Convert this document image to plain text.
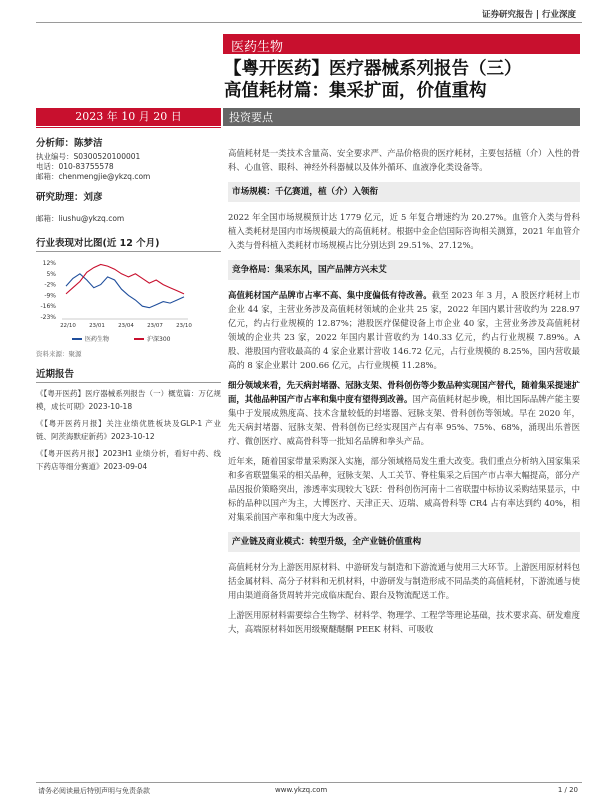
证券研究报告 | 行业深度
医药生物
【粤开医药】医疗器械系列报告（三）
高值耗材篇：集采扩面，价值重构
2023 年 10 月 20 日	投资要点
分析师：陈梦洁
执业编号：S0300520100001
电话：010-83755578
邮箱：chenmengjie@ykzq.com
研究助理：刘彦
邮箱：liushu@ykzq.com
行业表现对比图(近 12 个月)
12%
5%
-2%
-9%
-16%
-23%
22/10 23/01 23/04 23/07 23/10
医药生物	沪深300
资料来源：聚源
近期报告
《【粤开医药】医疗器械系列报告（一）概览篇：万亿规模，成长可期》2023-10-18
《【粤开医药月报】关注业绩优胜板块及GLP-1 产业链、阿茨海默症新药》2023-10-12
《【粤开医药月报】2023H1 业绩分析，看好中药、线下药店等细分赛道》2023-09-04

高值耗材是一类技术含量高、安全要求严、产品价格贵的医疗耗材，主要包括植（介）入性的骨科、心血管、眼科、神经外科器械以及体外循环、血液净化类设备等。

市场规模：千亿赛道，植（介）入领衔

2022 年全国市场规模预计达 1779 亿元，近 5 年复合增速约为 20.27%。血管介入类与骨科植入类耗材是国内市场规模最大的高值耗材。根据中金企信国际咨询相关测算，2021 年血管介入类与骨科植入类耗材市场规模占比分别达到 29.51%、27.12%。

竞争格局：集采东风，国产品牌方兴未艾

高值耗材国产品牌市占率不高、集中度偏低有待改善。截至 2023 年 3 月，A 股医疗耗材上市企业 44 家，主营业务涉及高值耗材领域的企业共 25 家，2022 年国内累计营收约为 228.97 亿元，约占行业规模的 12.87%；港股医疗保健设备上市企业 40 家，主营业务涉及高值耗材领域的企业共 23 家，2022 年国内累计营收约为 140.33 亿元，约占行业规模 7.89%。A 股、港股国内营收最高的 4 家企业累计营收 146.72 亿元，占行业规模的 8.25%，国内营收最高的 8 家企业累计 200.66 亿元，占行业规模 11.28%。

细分领域来看，先天病封堵器、冠脉支架、骨科创伤等少数品种实现国产替代，随着集采提速扩面，其他品种国产市占率和集中度有望得到改善。国产高值耗材起步晚，相比国际品牌产能主要集中于发展成熟度高、技术含量较低的封堵器、冠脉支架、骨科创伤等领域。早在 2020 年，先天病封堵器、冠脉支架、骨科创伤已经实现国产占有率 95%、75%、68%，涌现出乐普医疗、微创医疗、威高骨科等一批知名品牌和拳头产品。

近年来，随着国家带量采购深入实施，部分领域格局发生重大改变。我们重点分析纳入国家集采和多省联盟集采的相关品种，冠脉支架、人工关节、脊柱集采之后国产市占率大幅提高，部分产品因报价策略突出，渗透率实现较大飞跃：骨科创伤河南十二省联盟中标协议采购结果显示，中标的品种以国产为主，大博医疗、天津正天、迈瑞、威高骨科等 CR4 占有率达到约 40%，相对集采前国产率和集中度大为改善。

产业链及商业模式：转型升级，全产业链价值重构

高值耗材分为上游医用原材料、中游研发与制造和下游流通与使用三大环节。上游医用原材料包括金属材料、高分子材料和无机材料，中游研发与制造形成不同品类的高值耗材，下游流通与使用由渠道商备货周转并完成临床配台、跟台及物流配送工作。

上游医用原材料需要综合生物学、材料学、物理学、工程学等理论基础，技术要求高、研发难度大，高端原材料如医用级聚醚醚酮 PEEK 材料、可吸收

请务必阅读最后特别声明与免责条款	www.ykzq.com	1 / 20
